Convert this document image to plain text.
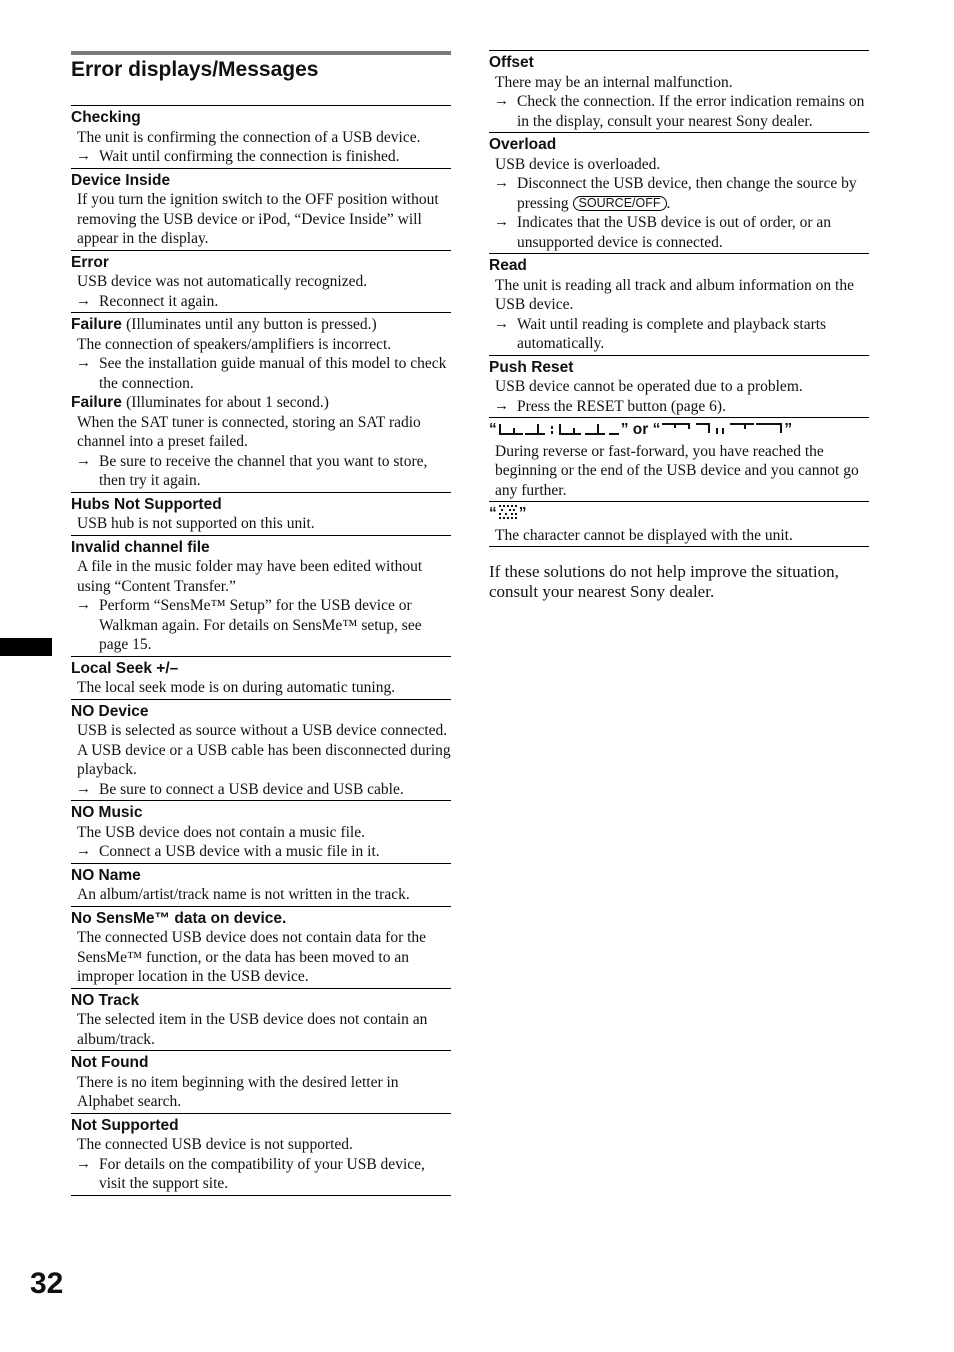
Error displays/Messages

Checking

The unit is confirming the connection of a USB device.

→ Wait until confirming the connection is finished.

Device Inside

If you turn the ignition switch to the OFF position without removing the USB device or iPod, “Device Inside” will appear in the display.

Error

USB device was not automatically recognized.

→ Reconnect it again.

Failure (Illuminates until any button is pressed.)

The connection of speakers/amplifiers is incorrect.

→ See the installation guide manual of this model to check the connection.

Failure (Illuminates for about 1 second.)

When the SAT tuner is connected, storing an SAT radio channel into a preset failed.

→ Be sure to receive the channel that you want to store, then try it again.

Hubs Not Supported

USB hub is not supported on this unit.

Invalid channel file

A file in the music folder may have been edited without using “Content Transfer.”

→ Perform “SensMe™ Setup” for the USB device or Walkman again. For details on SensMe™ setup, see page 15.

Local Seek +/–

The local seek mode is on during automatic tuning.

NO Device

USB is selected as source without a USB device connected. A USB device or a USB cable has been disconnected during playback.

→ Be sure to connect a USB device and USB cable.

NO Music

The USB device does not contain a music file.

→ Connect a USB device with a music file in it.

NO Name

An album/artist/track name is not written in the track.

No SensMe™ data on device.

The connected USB device does not contain data for the SensMe™ function, or the data has been moved to an improper location in the USB device.

NO Track

The selected item in the USB device does not contain an album/track.

Not Found

There is no item beginning with the desired letter in Alphabet search.

Not Supported

The connected USB device is not supported.

→ For details on the compatibility of your USB device, visit the support site.

Offset

There may be an internal malfunction.

→ Check the connection. If the error indication remains on in the display, consult your nearest Sony dealer.

Overload

USB device is overloaded.

→ Disconnect the USB device, then change the source by pressing SOURCE/OFF .

→ Indicates that the USB device is out of order, or an unsupported device is connected.

Read

The unit is reading all track and album information on the USB device.

→ Wait until reading is complete and playback starts automatically.

Push Reset

USB device cannot be operated due to a problem.

→ Press the RESET button (page 6).

“	” or “	”

During reverse or fast-forward, you have reached the beginning or the end of the USB device and you cannot go any further.

“ ”

The character cannot be displayed with the unit.

If these solutions do not help improve the situation, consult your nearest Sony dealer.

32
